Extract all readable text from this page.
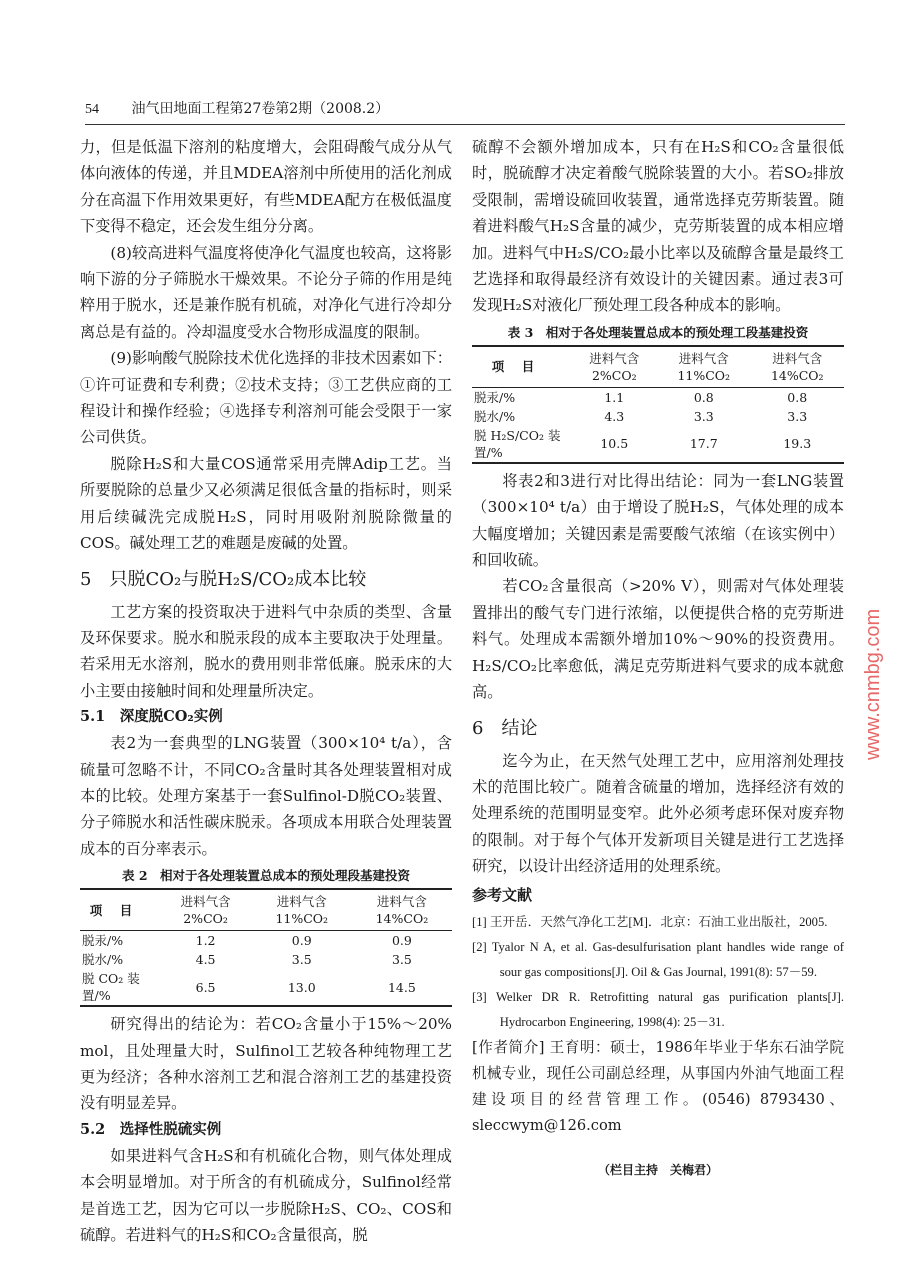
54 油气田地面工程第27卷第2期（2008.2）

力，但是低温下溶剂的粘度增大，会阻碍酸气成分从气体向液体的传递，并且MDEA溶剂中所使用的活化剂成分在高温下作用效果更好，有些MDEA配方在极低温度下变得不稳定，还会发生组分分离。

(8)较高进料气温度将使净化气温度也较高，这将影响下游的分子筛脱水干燥效果。不论分子筛的作用是纯粹用于脱水，还是兼作脱有机硫，对净化气进行冷却分离总是有益的。冷却温度受水合物形成温度的限制。

(9)影响酸气脱除技术优化选择的非技术因素如下：①许可证费和专利费；②技术支持；③工艺供应商的工程设计和操作经验；④选择专利溶剂可能会受限于一家公司供货。

脱除H₂S和大量COS通常采用壳牌Adip工艺。当所要脱除的总量少又必须满足很低含量的指标时，则采用后续碱洗完成脱H₂S，同时用吸附剂脱除微量的COS。碱处理工艺的难题是废碱的处置。

5　只脱CO₂与脱H₂S/CO₂成本比较

工艺方案的投资取决于进料气中杂质的类型、含量及环保要求。脱水和脱汞段的成本主要取决于处理量。若采用无水溶剂，脱水的费用则非常低廉。脱汞床的大小主要由接触时间和处理量所决定。

5.1　深度脱CO₂实例

表2为一套典型的LNG装置（300×10⁴ t/a），含硫量可忽略不计，不同CO₂含量时其各处理装置相对成本的比较。处理方案基于一套Sulfinol-D脱CO₂装置、分子筛脱水和活性碳床脱汞。各项成本用联合处理装置成本的百分率表示。

表 2　相对于各处理装置总成本的预处理段基建投资
项目	进料气含 2%CO₂	进料气含 11%CO₂	进料气含 14%CO₂
脱汞/%	1.2	0.9	0.9
脱水/%	4.5	3.5	3.5
脱 CO₂ 装置/%	6.5	13.0	14.5

研究得出的结论为：若CO₂含量小于15%～20% mol，且处理量大时，Sulfinol工艺较各种纯物理工艺更为经济；各种水溶剂工艺和混合溶剂工艺的基建投资没有明显差异。

5.2　选择性脱硫实例

如果进料气含H₂S和有机硫化合物，则气体处理成本会明显增加。对于所含的有机硫成分，Sulfinol经常是首选工艺，因为它可以一步脱除H₂S、CO₂、COS和硫醇。若进料气的H₂S和CO₂含量很高，脱

硫醇不会额外增加成本，只有在H₂S和CO₂含量很低时，脱硫醇才决定着酸气脱除装置的大小。若SO₂排放受限制，需增设硫回收装置，通常选择克劳斯装置。随着进料酸气H₂S含量的减少，克劳斯装置的成本相应增加。进料气中H₂S/CO₂最小比率以及硫醇含量是最终工艺选择和取得最经济有效设计的关键因素。通过表3可发现H₂S对液化厂预处理工段各种成本的影响。

表 3　相对于各处理装置总成本的预处理工段基建投资
项目	进料气含 2%CO₂	进料气含 11%CO₂	进料气含 14%CO₂
脱汞/%	1.1	0.8	0.8
脱水/%	4.3	3.3	3.3
脱 H₂S/CO₂ 装置/%	10.5	17.7	19.3

将表2和3进行对比得出结论：同为一套LNG装置（300×10⁴ t/a）由于增设了脱H₂S，气体处理的成本大幅度增加；关键因素是需要酸气浓缩（在该实例中）和回收硫。

若CO₂含量很高（>20% V），则需对气体处理装置排出的酸气专门进行浓缩，以便提供合格的克劳斯进料气。处理成本需额外增加10%～90%的投资费用。H₂S/CO₂比率愈低，满足克劳斯进料气要求的成本就愈高。

6　结论

迄今为止，在天然气处理工艺中，应用溶剂处理技术的范围比较广。随着含硫量的增加，选择经济有效的处理系统的范围明显变窄。此外必须考虑环保对废弃物的限制。对于每个气体开发新项目关键是进行工艺选择研究，以设计出经济适用的处理系统。

参考文献
[1] 王开岳．天然气净化工艺[M]．北京：石油工业出版社，2005.
[2] Tyalor N A, et al. Gas-desulfurisation plant handles wide range of sour gas compositions[J]. Oil & Gas Journal, 1991(8): 57－59.
[3] Welker DR R. Retrofitting natural gas purification plants[J]. Hydrocarbon Engineering, 1998(4): 25－31.
[作者简介] 王育明：硕士，1986年毕业于华东石油学院机械专业，现任公司副总经理，从事国内外油气地面工程建设项目的经营管理工作。(0546) 8793430、sleccwym@126.com
（栏目主持　关梅君）
www.cnmbg.com
